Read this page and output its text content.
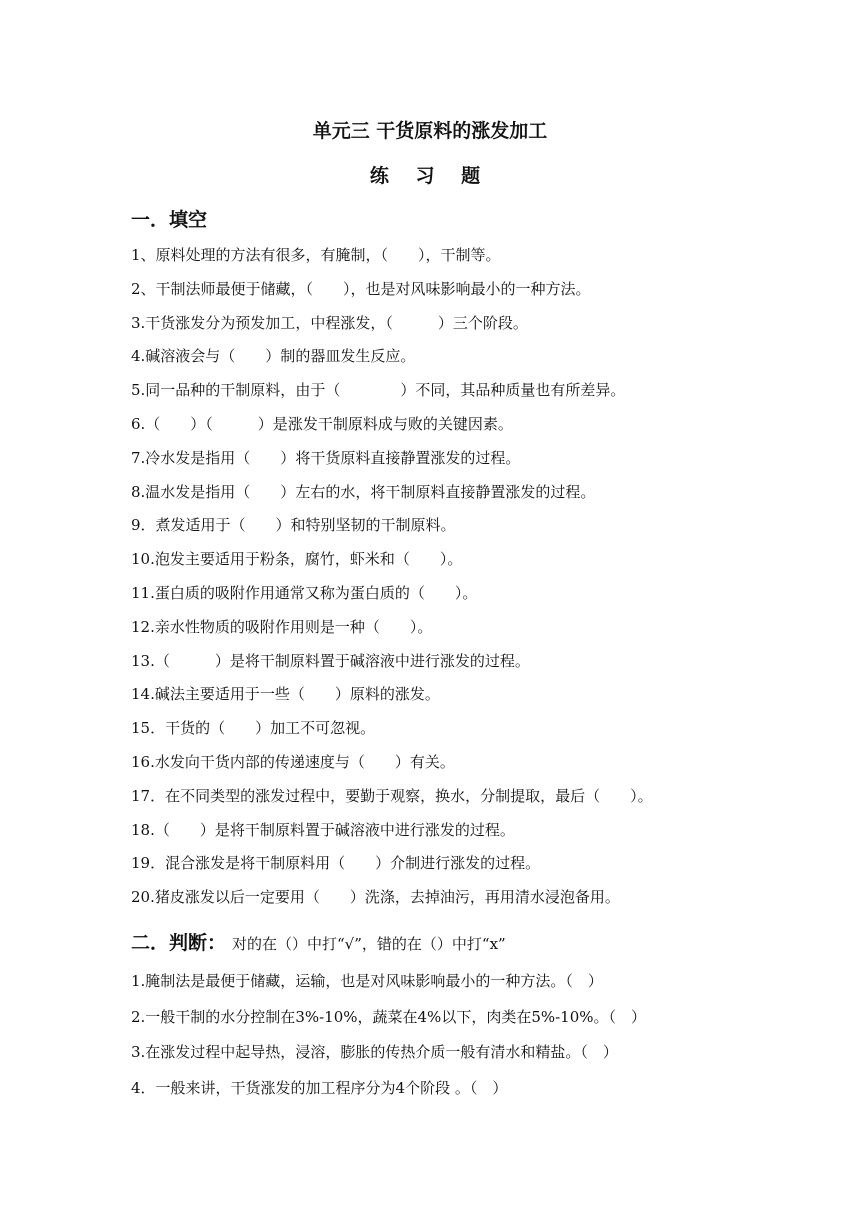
单元三 干货原料的涨发加工
练 习 题
一．填空
1、原料处理的方法有很多，有腌制，（　　），干制等。
2、干制法师最便于储藏，（　　），也是对风味影响最小的一种方法。
3.干货涨发分为预发加工，中程涨发，（　　　）三个阶段。
4.碱溶液会与（　　）制的器皿发生反应。
5.同一品种的干制原料，由于（　　　　）不同，其品种质量也有所差异。
6.（　　）（　　　）是涨发干制原料成与败的关键因素。
7.冷水发是指用（　　）将干货原料直接静置涨发的过程。
8.温水发是指用（　　）左右的水，将干制原料直接静置涨发的过程。
9．煮发适用于（　　）和特别坚韧的干制原料。
10.泡发主要适用于粉条，腐竹，虾米和（　　）。
11.蛋白质的吸附作用通常又称为蛋白质的（　　）。
12.亲水性物质的吸附作用则是一种（　　）。
13.（　　　）是将干制原料置于碱溶液中进行涨发的过程。
14.碱法主要适用于一些（　　）原料的涨发。
15．干货的（　　）加工不可忽视。
16.水发向干货内部的传递速度与（　　）有关。
17．在不同类型的涨发过程中，要勤于观察，换水，分制提取，最后（　　）。
18.（　　）是将干制原料置于碱溶液中进行涨发的过程。
19．混合涨发是将干制原料用（　　）介制进行涨发的过程。
20.猪皮涨发以后一定要用（　　）洗涤，去掉油污，再用清水浸泡备用。
二．判断： 对的在（）中打“√”，错的在（）中打“x”
1.腌制法是最便于储藏，运输，也是对风味影响最小的一种方法。（　）
2.一般干制的水分控制在3%-10%，蔬菜在4%以下，肉类在5%-10%。（　）
3.在涨发过程中起导热，浸溶，膨胀的传热介质一般有清水和精盐。（　）
4．一般来讲，干货涨发的加工程序分为4个阶段 。（　）
